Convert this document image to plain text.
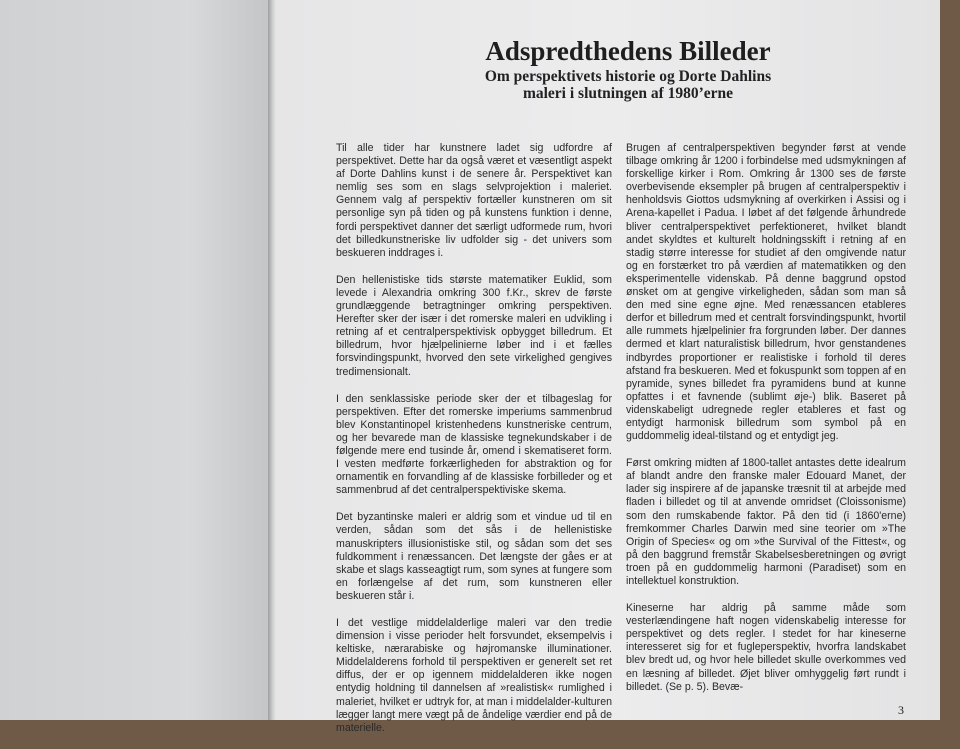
Adspredthedens Billeder
Om perspektivets historie og Dorte Dahlins
maleri i slutningen af 1980’erne

Til alle tider har kunstnere ladet sig udfordre af perspektivet. Dette har da også været et væsentligt aspekt af Dorte Dahlins kunst i de senere år. Perspektivet kan nemlig ses som en slags selvprojektion i maleriet. Gennem valg af perspektiv fortæller kunstneren om sit personlige syn på tiden og på kunstens funktion i denne, fordi perspektivet danner det særligt udformede rum, hvori det billedkunstneriske liv udfolder sig - det univers som beskueren inddrages i.

Den hellenistiske tids største matematiker Euklid, som levede i Alexandria omkring 300 f.Kr., skrev de første grundlæggende betragtninger omkring perspektiven. Herefter sker der især i det romerske maleri en udvikling i retning af et centralperspektivisk opbygget billedrum. Et billedrum, hvor hjælpelinierne løber ind i et fælles forsvindingspunkt, hvorved den sete virkelighed gengives tredimensionalt.

I den senklassiske periode sker der et tilbageslag for perspektiven. Efter det romerske imperiums sammenbrud blev Konstantinopel kristenhedens kunstneriske centrum, og her bevarede man de klassiske tegnekundskaber i de følgende mere end tusinde år, omend i skematiseret form. I vesten medførte forkærligheden for abstraktion og for ornamentik en forvandling af de klassiske forbilleder og et sammenbrud af det centralperspektiviske skema.

Det byzantinske maleri er aldrig som et vindue ud til en verden, sådan som det sås i de hellenistiske manuskripters illusionistiske stil, og sådan som det ses fuldkomment i renæssancen. Det længste der gåes er at skabe et slags kasseagtigt rum, som synes at fungere som en forlængelse af det rum, som kunstneren eller beskueren står i.

I det vestlige middelalderlige maleri var den tredie dimension i visse perioder helt forsvundet, eksempelvis i keltiske, nærarabiske og højromanske illuminationer. Middelalderens forhold til perspektiven er generelt set ret diffus, der er op igennem middelalderen ikke nogen entydig holdning til dannelsen af »realistisk« rumlighed i maleriet, hvilket er udtryk for, at man i middelalder-kulturen lægger langt mere vægt på de åndelige værdier end på de materielle.

Brugen af centralperspektiven begynder først at vende tilbage omkring år 1200 i forbindelse med udsmykningen af forskellige kirker i Rom. Omkring år 1300 ses de første overbevisende eksempler på brugen af centralperspektiv i henholdsvis Giottos udsmykning af overkirken i Assisi og i Arena-kapellet i Padua. I løbet af det følgende århundrede bliver centralperspektivet perfektioneret, hvilket blandt andet skyldtes et kulturelt holdningsskift i retning af en stadig større interesse for studiet af den omgivende natur og en forstærket tro på værdien af matematikken og den eksperimentelle videnskab. På denne baggrund opstod ønsket om at gengive virkeligheden, sådan som man så den med sine egne øjne. Med renæssancen etableres derfor et billedrum med et centralt forsvindingspunkt, hvortil alle rummets hjælpelinier fra forgrunden løber. Der dannes dermed et klart naturalistisk billedrum, hvor genstandenes indbyrdes proportioner er realistiske i forhold til deres afstand fra beskueren. Med et fokuspunkt som toppen af en pyramide, synes billedet fra pyramidens bund at kunne opfattes i et favnende (sublimt øje-) blik. Baseret på videnskabeligt udregnede regler etableres et fast og entydigt harmonisk billedrum som symbol på en guddommelig ideal-tilstand og et entydigt jeg.

Først omkring midten af 1800-tallet antastes dette idealrum af blandt andre den franske maler Edouard Manet, der lader sig inspirere af de japanske træsnit til at arbejde med fladen i billedet og til at anvende omridset (Cloissonisme) som den rumskabende faktor. På den tid (i 1860'erne) fremkommer Charles Darwin med sine teorier om »The Origin of Species« og om »the Survival of the Fittest«, og på den baggrund fremstår Skabelsesberetningen og øvrigt troen på en guddommelig harmoni (Paradiset) som en intellektuel konstruktion.

Kineserne har aldrig på samme måde som vesterlændingene haft nogen videnskabelig interesse for perspektivet og dets regler. I stedet for har kineserne interesseret sig for et fugleperspektiv, hvorfra landskabet blev bredt ud, og hvor hele billedet skulle overkommes ved en læsning af billedet. Øjet bliver omhyggelig ført rundt i billedet. (Se p. 5). Bevæ-

3
